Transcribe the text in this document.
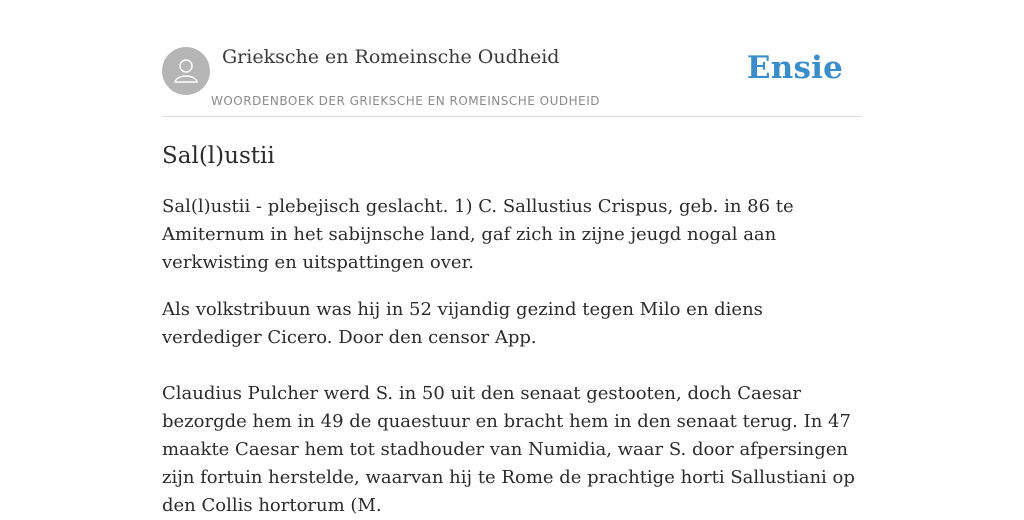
Grieksche en Romeinsche Oudheid
WOORDENBOEK DER GRIEKSCHE EN ROMEINSCHE OUDHEID
Ensie
Sal(l)ustii

Sal(l)ustii - plebejisch geslacht. 1) C. Sallustius Crispus, geb. in 86 te Amiternum in het sabijnsche land, gaf zich in zijne jeugd nogal aan verkwisting en uitspattingen over.

Als volkstribuun was hij in 52 vijandig gezind tegen Milo en diens verdediger Cicero. Door den censor App.

Claudius Pulcher werd S. in 50 uit den senaat gestooten, doch Caesar bezorgde hem in 49 de quaestuur en bracht hem in den senaat terug. In 47 maakte Caesar hem tot stadhouder van Numidia, waar S. door afpersingen zijn fortuin herstelde, waarvan hij te Rome de prachtige horti Sallustiani op den Collis hortorum (M.
